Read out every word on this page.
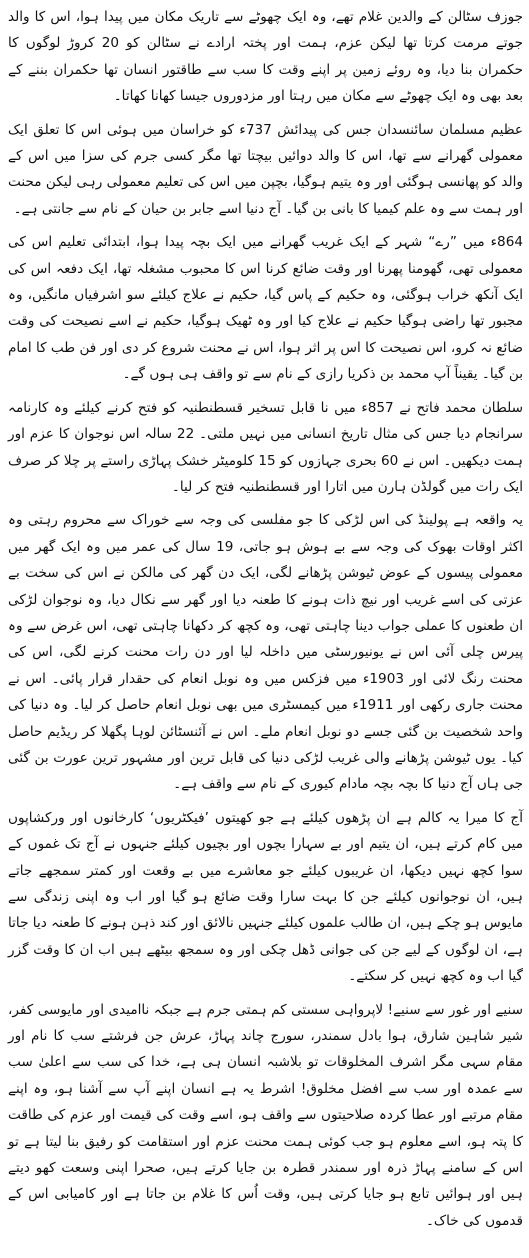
جوزف سٹالن کے والدین غلام تھے، وہ ایک چھوٹے سے تاریک مکان میں پیدا ہوا، اس کا والد جوتے مرمت کرتا تھا لیکن عزم، ہمت اور پختہ ارادے نے سٹالن کو 20 کروڑ لوگوں کا حکمران بنا دیا، وہ روئے زمین پر اپنے وقت کا سب سے طاقتور انسان تھا حکمران بننے کے بعد بھی وہ ایک چھوٹے سے مکان میں رہتا اور مزدوروں جیسا کھانا کھاتا۔

عظیم مسلمان سائنسدان جس کی پیدائش 737ء کو خراسان میں ہوئی اس کا تعلق ایک معمولی گھرانے سے تھا، اس کا والد دوائیں بیچتا تھا مگر کسی جرم کی سزا میں اس کے والد کو پھانسی ہوگئی اور وہ یتیم ہوگیا، بچپن میں اس کی تعلیم معمولی رہی لیکن محنت اور ہمت سے وہ علم کیمیا کا بانی بن گیا۔ آج دنیا اسے جابر بن حیان کے نام سے جانتی ہے۔

864ء میں ”رے“ شہر کے ایک غریب گھرانے میں ایک بچہ پیدا ہوا، ابتدائی تعلیم اس کی معمولی تھی، گھومنا پھرنا اور وقت ضائع کرنا اس کا محبوب مشغلہ تھا، ایک دفعہ اس کی ایک آنکھ خراب ہوگئی، وہ حکیم کے پاس گیا، حکیم نے علاج کیلئے سو اشرفیاں مانگیں، وہ مجبور تھا راضی ہوگیا حکیم نے علاج کیا اور وہ ٹھیک ہوگیا، حکیم نے اسے نصیحت کی وقت ضائع نہ کرو، اس نصیحت کا اس پر اثر ہوا، اس نے محنت شروع کر دی اور فن طب کا امام بن گیا۔ یقیناً آپ محمد بن ذکریا رازی کے نام سے تو واقف ہی ہوں گے۔

سلطان محمد فاتح نے 857ء میں نا قابل تسخیر قسطنطنیہ کو فتح کرنے کیلئے وہ کارنامہ سرانجام دیا جس کی مثال تاریخ انسانی میں نہیں ملتی۔ 22 سالہ اس نوجوان کا عزم اور ہمت دیکھیں۔ اس نے 60 بحری جہازوں کو 15 کلومیٹر خشک پہاڑی راستے پر چلا کر صرف ایک رات میں گولڈن ہارن میں اتارا اور قسطنطنیہ فتح کر لیا۔

یہ واقعہ ہے پولینڈ کی اس لڑکی کا جو مفلسی کی وجہ سے خوراک سے محروم رہتی وہ اکثر اوقات بھوک کی وجہ سے بے ہوش ہو جاتی، 19 سال کی عمر میں وہ ایک گھر میں معمولی پیسوں کے عوض ٹیوشن پڑھانے لگی، ایک دن گھر کی مالکن نے اس کی سخت بے عزتی کی اسے غریب اور نیچ ذات ہونے کا طعنہ دیا اور گھر سے نکال دیا، وہ نوجوان لڑکی ان طعنوں کا عملی جواب دینا چاہتی تھی، وہ کچھ کر دکھانا چاہتی تھی، اس غرض سے وہ پیرس چلی آئی اس نے یونیورسٹی میں داخلہ لیا اور دن رات محنت کرنے لگی، اس کی محنت رنگ لائی اور 1903ء میں فزکس میں وہ نوبل انعام کی حقدار قرار پائی۔ اس نے محنت جاری رکھی اور 1911ء میں کیمسٹری میں بھی نوبل انعام حاصل کر لیا۔ وہ دنیا کی واحد شخصیت بن گئی جسے دو نوبل انعام ملے۔ اس نے آئنسٹائن لوہا پگھلا کر ریڈیم حاصل کیا۔ یوں ٹیوشن پڑھانے والی غریب لڑکی دنیا کی قابل ترین اور مشہور ترین عورت بن گئی جی ہاں آج دنیا کا بچہ بچہ مادام کیوری کے نام سے واقف ہے۔

آج کا میرا یہ کالم ہے ان پڑھوں کیلئے ہے جو کھیتوں ’فیکٹریوں‘ کارخانوں اور ورکشاپوں میں کام کرتے ہیں، ان یتیم اور بے سہارا بچوں اور بچیوں کیلئے جنہوں نے آج تک غموں کے سوا کچھ نہیں دیکھا، ان غریبوں کیلئے جو معاشرے میں بے وقعت اور کمتر سمجھے جاتے ہیں، ان نوجوانوں کیلئے جن کا بہت سارا وقت ضائع ہو گیا اور اب وہ اپنی زندگی سے مایوس ہو چکے ہیں، ان طالب علموں کیلئے جنہیں نالائق اور کند ذہن ہونے کا طعنہ دیا جاتا ہے، ان لوگوں کے لیے جن کی جوانی ڈھل چکی اور وہ سمجھ بیٹھے ہیں اب ان کا وقت گزر گیا اب وہ کچھ نہیں کر سکتے۔

سنیے اور غور سے سنیے! لاپرواہی سستی کم ہمتی جرم ہے جبکہ ناامیدی اور مایوسی کفر، شیر شاہین شارق، ہوا بادل سمندر، سورج چاند پہاڑ، عرش جن فرشتے سب کا نام اور مقام سہی مگر اشرف المخلوقات تو بلاشبہ انسان ہی ہے، خدا کی سب سے اعلیٰ سب سے عمدہ اور سب سے افضل مخلوق! اشرط یہ ہے انسان اپنے آپ سے آشنا ہو، وہ اپنے مقام مرتبے اور عطا کردہ صلاحیتوں سے واقف ہو، اسے وقت کی قیمت اور عزم کی طاقت کا پتہ ہو، اسے معلوم ہو جب کوئی ہمت محنت عزم اور استقامت کو رفیق بنا لیتا ہے تو اس کے سامنے پہاڑ ذرہ اور سمندر قطرہ بن جایا کرتے ہیں، صحرا اپنی وسعت کھو دیتے ہیں اور ہوائیں تابع ہو جایا کرتی ہیں، وقت اُس کا غلام بن جاتا ہے اور کامیابی اس کے قدموں کی خاک۔
